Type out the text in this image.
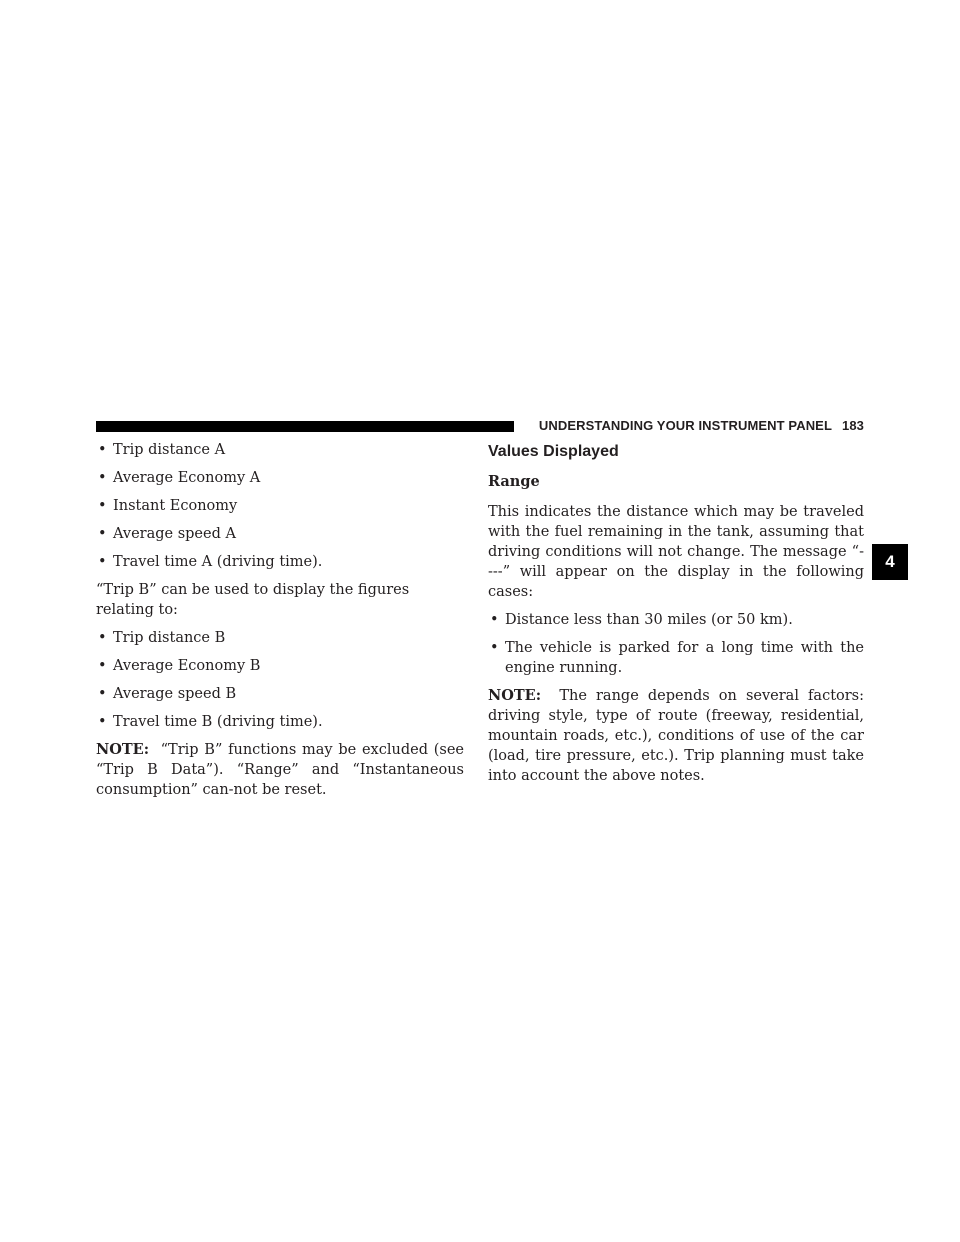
UNDERSTANDING YOUR INSTRUMENT PANEL 183
4
• Trip distance A
• Average Economy A
• Instant Economy
• Average speed A
• Travel time A (driving time).

“Trip B” can be used to display the figures relating to:

• Trip distance B
• Average Economy B
• Average speed B
• Travel time B (driving time).

NOTE: “Trip B” functions may be excluded (see “Trip B Data”). “Range” and “Instantaneous consumption” can-not be reset.

Values Displayed

Range

This indicates the distance which may be traveled with the fuel remaining in the tank, assuming that driving conditions will not change. The message “----” will appear on the display in the following cases:

• Distance less than 30 miles (or 50 km).
• The vehicle is parked for a long time with the engine running.

NOTE: The range depends on several factors: driving style, type of route (freeway, residential, mountain roads, etc.), conditions of use of the car (load, tire pressure, etc.). Trip planning must take into account the above notes.
